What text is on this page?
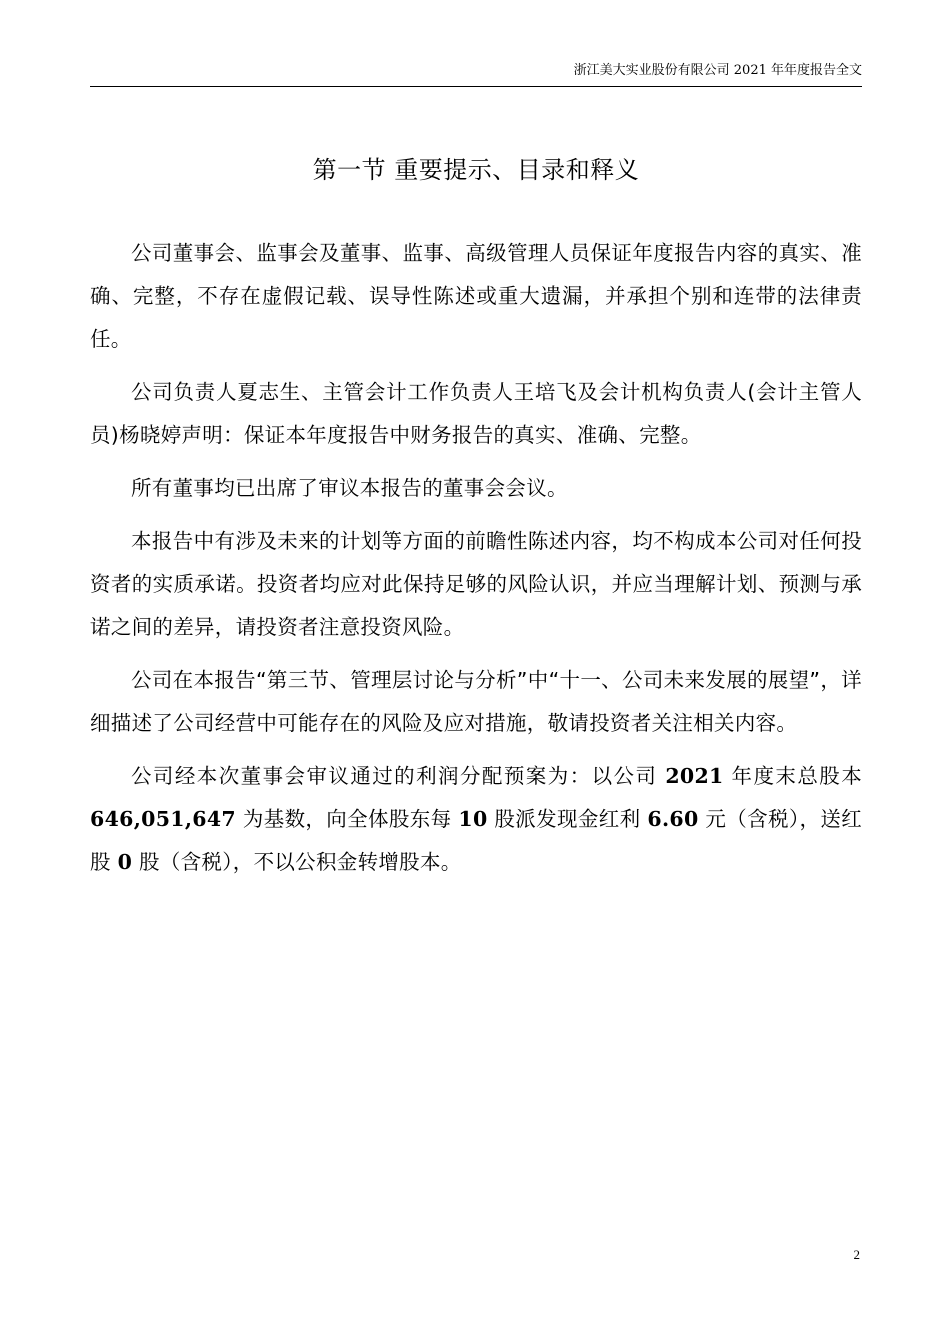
浙江美大实业股份有限公司 2021 年年度报告全文
第一节 重要提示、目录和释义

公司董事会、监事会及董事、监事、高级管理人员保证年度报告内容的真实、准确、完整，不存在虚假记载、误导性陈述或重大遗漏，并承担个别和连带的法律责任。

公司负责人夏志生、主管会计工作负责人王培飞及会计机构负责人(会计主管人员)杨晓婷声明：保证本年度报告中财务报告的真实、准确、完整。

所有董事均已出席了审议本报告的董事会会议。

本报告中有涉及未来的计划等方面的前瞻性陈述内容，均不构成本公司对任何投资者的实质承诺。投资者均应对此保持足够的风险认识，并应当理解计划、预测与承诺之间的差异，请投资者注意投资风险。

公司在本报告“第三节、管理层讨论与分析”中“十一、公司未来发展的展望”，详细描述了公司经营中可能存在的风险及应对措施，敬请投资者关注相关内容。

公司经本次董事会审议通过的利润分配预案为：以公司 2021 年度末总股本 646,051,647 为基数，向全体股东每 10 股派发现金红利 6.60 元（含税），送红股 0 股（含税），不以公积金转增股本。

2
